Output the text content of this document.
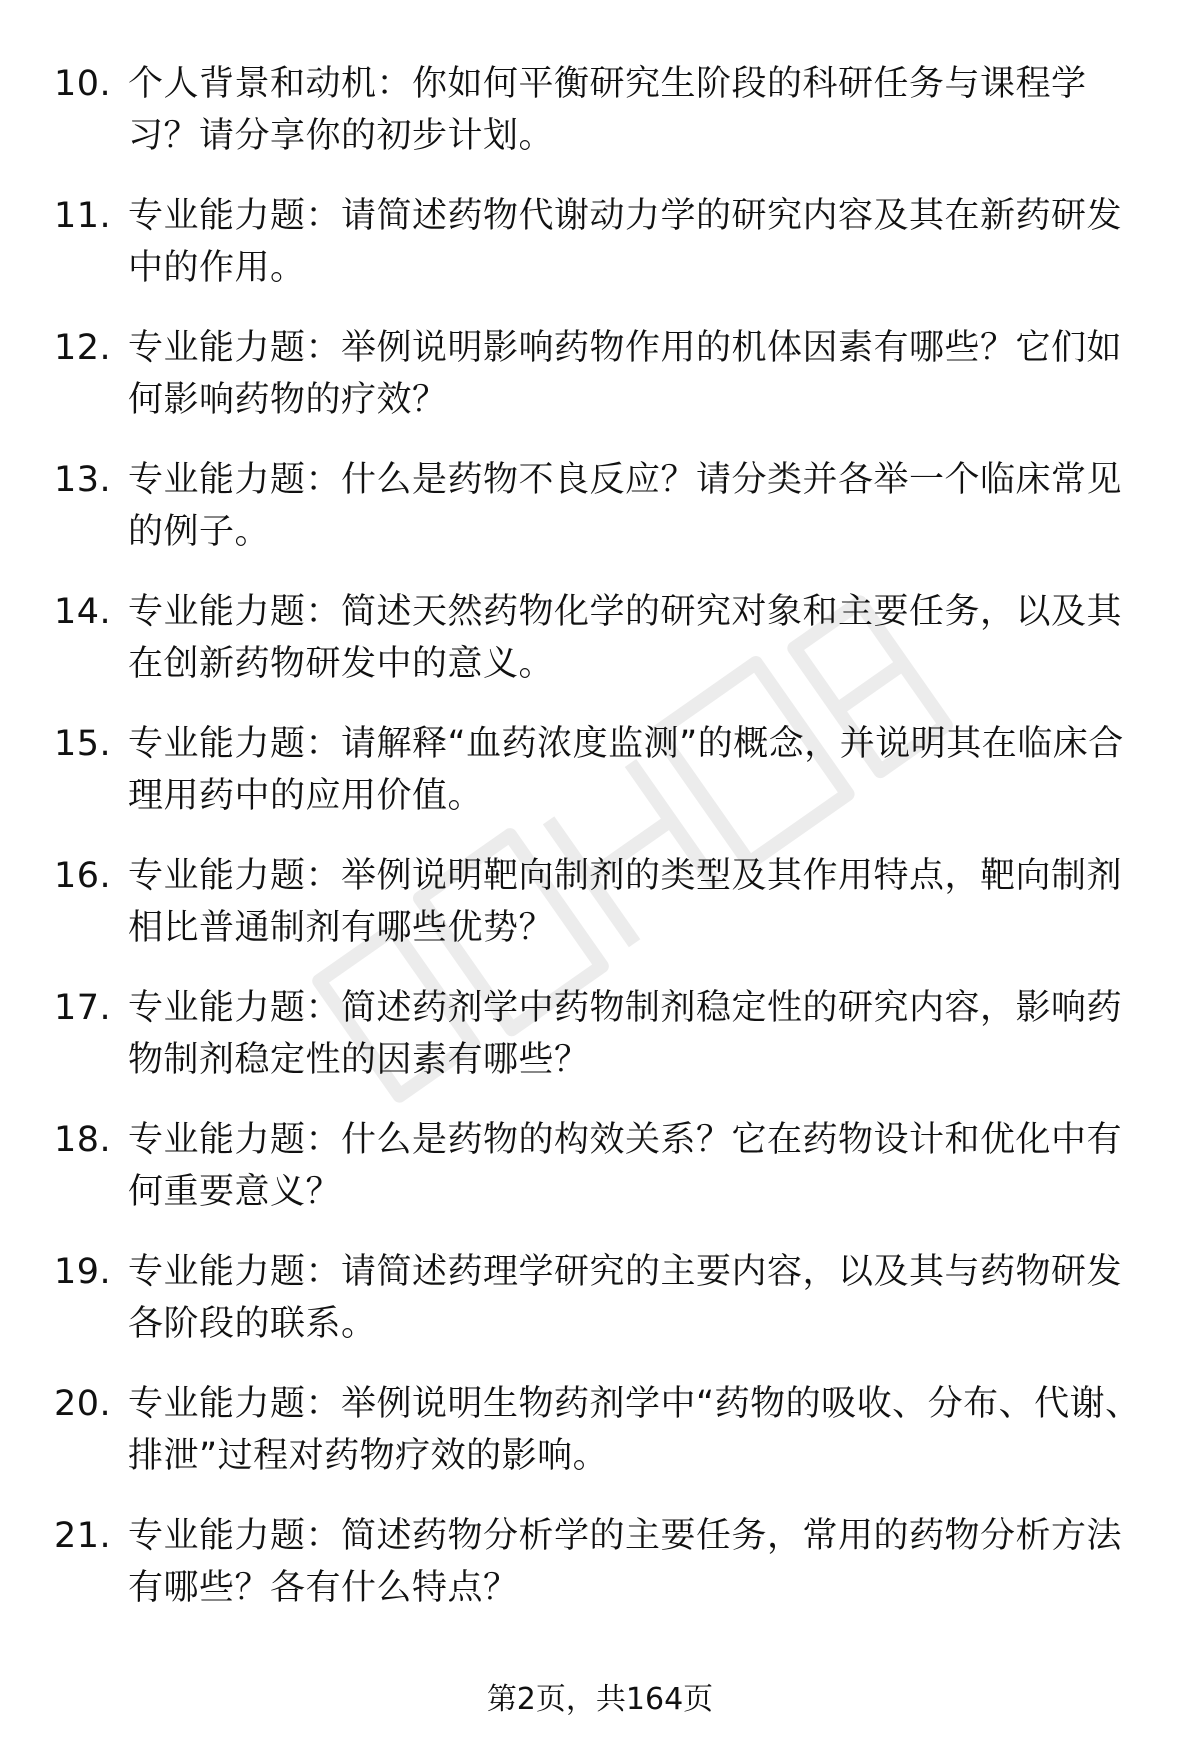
10. 个人背景和动机：你如何平衡研究生阶段的科研任务与课程学习？请分享你的初步计划。
11. 专业能力题：请简述药物代谢动力学的研究内容及其在新药研发中的作用。
12. 专业能力题：举例说明影响药物作用的机体因素有哪些？它们如何影响药物的疗效？
13. 专业能力题：什么是药物不良反应？请分类并各举一个临床常见的例子。
14. 专业能力题：简述天然药物化学的研究对象和主要任务，以及其在创新药物研发中的意义。
15. 专业能力题：请解释“血药浓度监测”的概念，并说明其在临床合理用药中的应用价值。
16. 专业能力题：举例说明靶向制剂的类型及其作用特点，靶向制剂相比普通制剂有哪些优势？
17. 专业能力题：简述药剂学中药物制剂稳定性的研究内容，影响药物制剂稳定性的因素有哪些？
18. 专业能力题：什么是药物的构效关系？它在药物设计和优化中有何重要意义？
19. 专业能力题：请简述药理学研究的主要内容，以及其与药物研发各阶段的联系。
20. 专业能力题：举例说明生物药剂学中“药物的吸收、分布、代谢、排泄”过程对药物疗效的影响。
21. 专业能力题：简述药物分析学的主要任务，常用的药物分析方法有哪些？各有什么特点？
第2页，共164页
